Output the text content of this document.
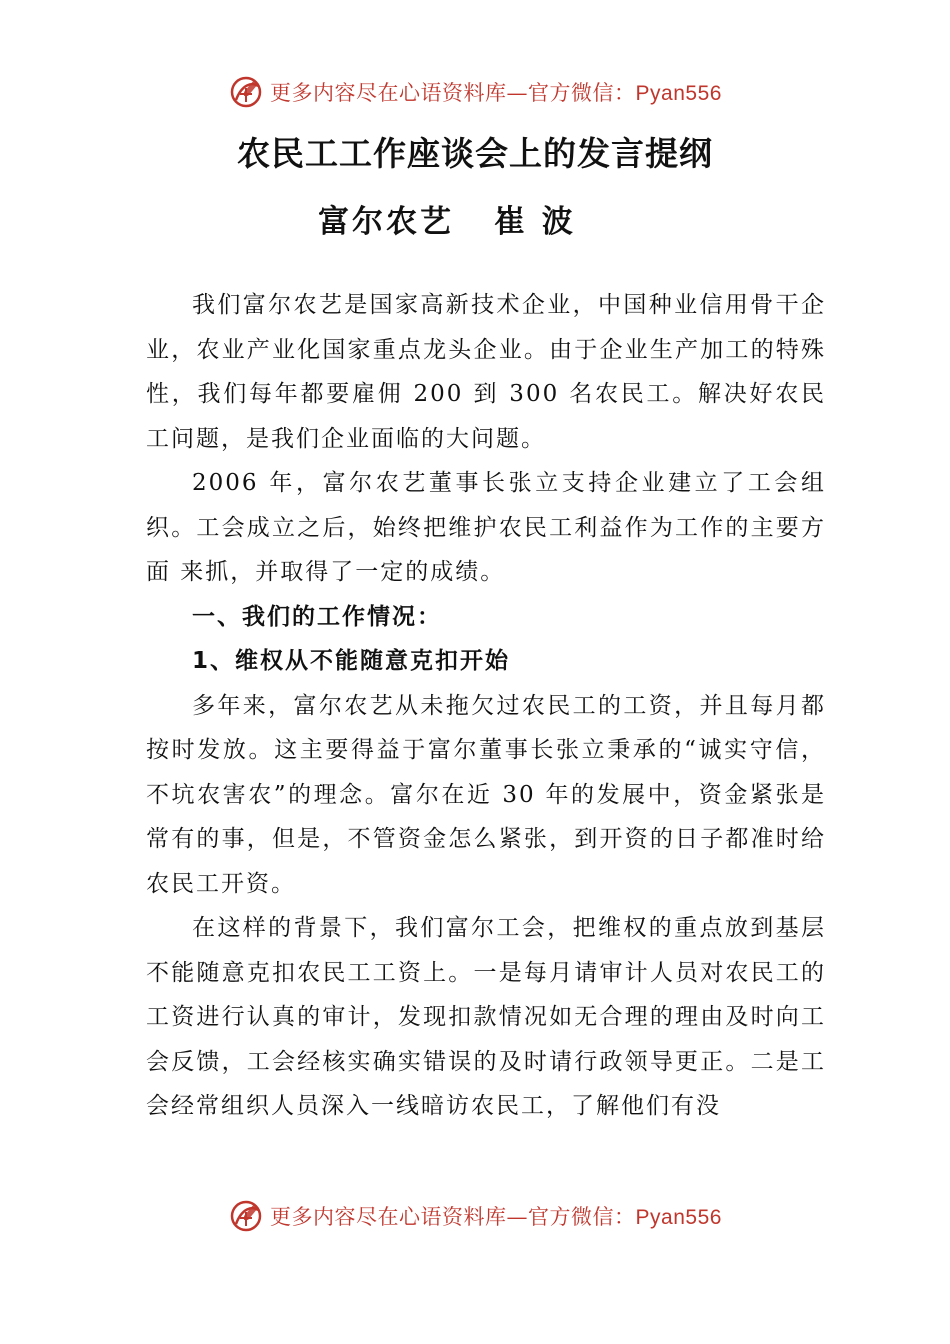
更多内容尽在心语资料库—官方微信：Pyan556
农民工工作座谈会上的发言提纲
富尔农艺 崔 波

我们富尔农艺是国家高新技术企业，中国种业信用骨干企业，农业产业化国家重点龙头企业。由于企业生产加工的特殊性，我们每年都要雇佣 200 到 300 名农民工。解决好农民工问题，是我们企业面临的大问题。

2006 年，富尔农艺董事长张立支持企业建立了工会组织。工会成立之后，始终把维护农民工利益作为工作的主要方面 来抓，并取得了一定的成绩。

一、我们的工作情况：

1、维权从不能随意克扣开始

多年来，富尔农艺从未拖欠过农民工的工资，并且每月都按时发放。这主要得益于富尔董事长张立秉承的“诚实守信，不坑农害农”的理念。富尔在近 30 年的发展中，资金紧张是常有的事，但是，不管资金怎么紧张，到开资的日子都准时给农民工开资。

在这样的背景下，我们富尔工会，把维权的重点放到基层不能随意克扣农民工工资上。一是每月请审计人员对农民工的工资进行认真的审计，发现扣款情况如无合理的理由及时向工会反馈，工会经核实确实错误的及时请行政领导更正。二是工会经常组织人员深入一线暗访农民工，了解他们有没

更多内容尽在心语资料库—官方微信：Pyan556
